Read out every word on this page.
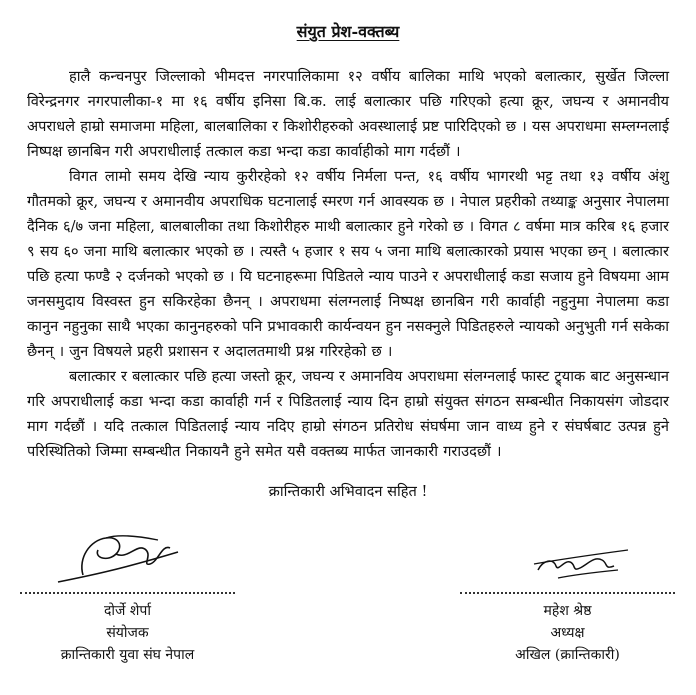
संयुत प्रेश-वक्तब्य

हालै कन्चनपुर जिल्लाको भीमदत्त नगरपालिकामा १२ वर्षीय बालिका माथि भएको बलात्कार, सुर्खेत जिल्ला विरेन्द्रनगर नगरपालीका-१ मा १६ वर्षीय इनिसा बि.क. लाई बलात्कार पछि गरिएको हत्या क्रूर, जघन्य र अमानवीय अपराधले हाम्रो समाजमा महिला, बालबालिका र किशोरीहरुको अवस्थालाई प्रष्ट पारिदिएको छ । यस अपराधमा सम्लग्नलाई निष्पक्ष छानबिन गरी अपराधीलाई तत्काल कडा भन्दा कडा कार्वाहीको माग गर्दछौं ।

विगत लामो समय देखि न्याय कुरीरहेको १२ वर्षीय निर्मला पन्त, १६ वर्षीय भागरथी भट्ट तथा १३ वर्षीय अंशु गौतमको क्रूर, जघन्य र अमानवीय अपराधिक घटनालाई स्मरण गर्न आवस्यक छ । नेपाल प्रहरीको तथ्याङ्क अनुसार नेपालमा दैनिक ६/७ जना महिला, बालबालीका तथा किशोरीहरु माथी बलात्कार हुने गरेको छ । विगत ८ वर्षमा मात्र करिब १६ हजार ९ सय ६० जना माथि बलात्कार भएको छ । त्यस्तै ५ हजार १ सय ५ जना माथि बलात्कारको प्रयास भएका छन् । बलात्कार पछि हत्या फण्डै २ दर्जनको भएको छ । यि घटनाहरूमा पिडितले न्याय पाउने र अपराधीलाई कडा सजाय हुने विषयमा आम जनसमुदाय विस्वस्त हुन सकिरहेका छैनन् । अपराधमा संलग्नलाई निष्पक्ष छानबिन गरी कार्वाही नहुनुमा नेपालमा कडा कानुन नहुनुका साथै भएका कानुनहरुको पनि प्रभावकारी कार्यन्वयन हुन नसक्नुले पिडितहरुले न्यायको अनुभुती गर्न सकेका छैनन् । जुन विषयले प्रहरी प्रशासन र अदालतमाथी प्रश्न गरिरहेको छ ।

बलात्कार र बलात्कार पछि हत्या जस्तो क्रूर, जघन्य र अमानविय अपराधमा संलग्नलाई फास्ट ट्र्याक बाट अनुसन्धान गरि अपराधीलाई कडा भन्दा कडा कार्वाही गर्न र पिडितलाई न्याय दिन हाम्रो संयुक्त संगठन सम्बन्धीत निकायसंग जोडदार माग गर्दछौं । यदि तत्काल पिडितलाई न्याय नदिए हाम्रो संगठन प्रतिरोध संघर्षमा जान वाध्य हुने र संघर्षबाट उत्पन्न हुने परिस्थितिको जिम्मा सम्बन्धीत निकायनै हुने समेत यसै वक्तब्य मार्फत जानकारी गराउदछौं ।

क्रान्तिकारी अभिवादन सहित !

दोर्जे शेर्पा

संयोजक

क्रान्तिकारी युवा संघ नेपाल

महेश श्रेष्ठ

अध्यक्ष

अखिल (क्रान्तिकारी)
